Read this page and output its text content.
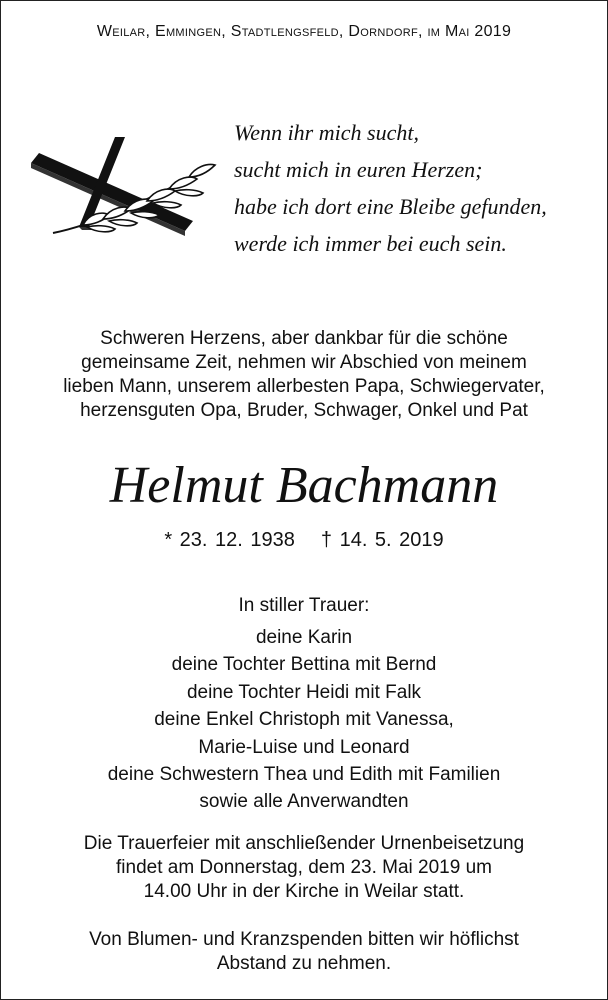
Weilar, Emmingen, Stadtlengsfeld, Dorndorf, im Mai 2019
Wenn ihr mich sucht,
sucht mich in euren Herzen;
habe ich dort eine Bleibe gefunden,
werde ich immer bei euch sein.
Schweren Herzens, aber dankbar für die schöne
gemeinsame Zeit, nehmen wir Abschied von meinem
lieben Mann, unserem allerbesten Papa, Schwiegervater,
herzensguten Opa, Bruder, Schwager, Onkel und Pat
Helmut Bachmann
* 23. 12. 1938 † 14. 5. 2019
In stiller Trauer:
deine Karin
deine Tochter Bettina mit Bernd
deine Tochter Heidi mit Falk
deine Enkel Christoph mit Vanessa,
Marie-Luise und Leonard
deine Schwestern Thea und Edith mit Familien
sowie alle Anverwandten
Die Trauerfeier mit anschließender Urnenbeisetzung
findet am Donnerstag, dem 23. Mai 2019 um
14.00 Uhr in der Kirche in Weilar statt.
Von Blumen- und Kranzspenden bitten wir höflichst
Abstand zu nehmen.
